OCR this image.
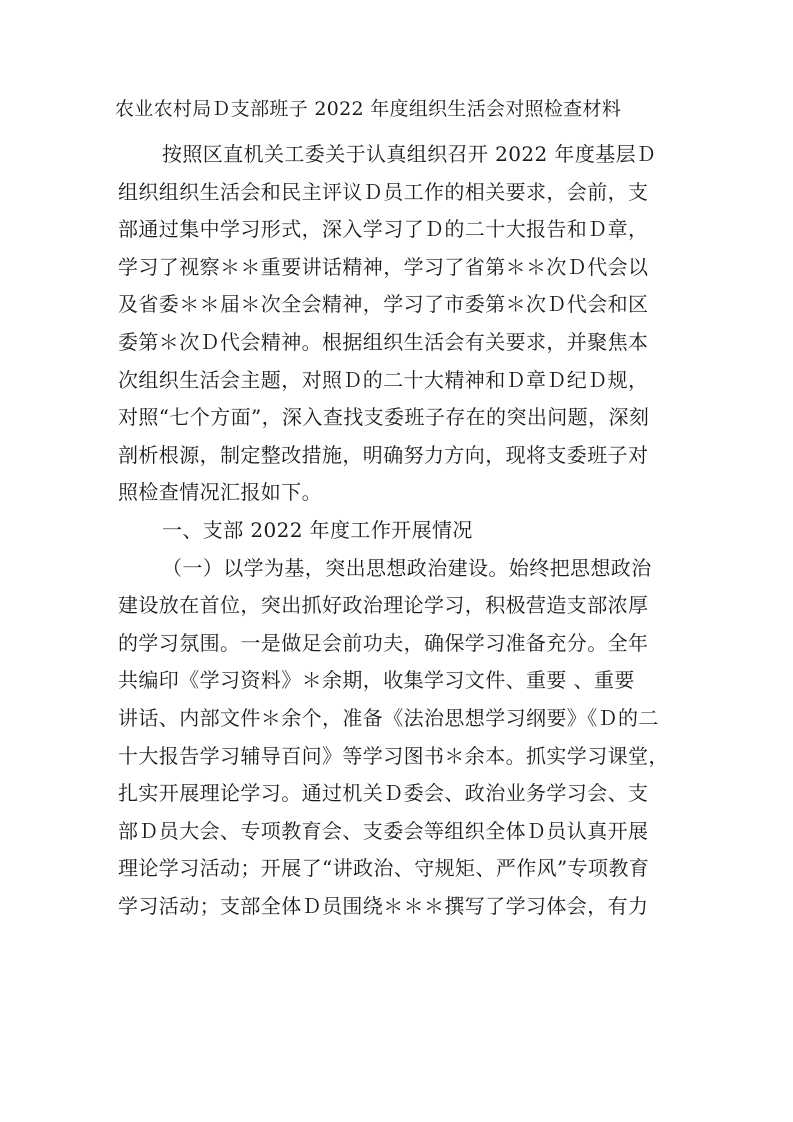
农业农村局Ｄ支部班子 2022 年度组织生活会对照检查材料
按照区直机关工委关于认真组织召开 2022 年度基层Ｄ
组织组织生活会和民主评议Ｄ员工作的相关要求，会前，支
部通过集中学习形式，深入学习了Ｄ的二十大报告和Ｄ章，
学习了视察＊＊重要讲话精神，学习了省第＊＊次Ｄ代会以
及省委＊＊届＊次全会精神，学习了市委第＊次Ｄ代会和区
委第＊次Ｄ代会精神。根据组织生活会有关要求，并聚焦本
次组织生活会主题，对照Ｄ的二十大精神和Ｄ章Ｄ纪Ｄ规，
对照“七个方面”，深入查找支委班子存在的突出问题，深刻
剖析根源，制定整改措施，明确努力方向，现将支委班子对
照检查情况汇报如下。
一、支部 2022 年度工作开展情况
（一）以学为基，突出思想政治建设。始终把思想政治
建设放在首位，突出抓好政治理论学习，积极营造支部浓厚
的学习氛围。一是做足会前功夫，确保学习准备充分。全年
共编印《学习资料》＊余期，收集学习文件、重要 、重要
讲话、内部文件＊余个，准备《法治思想学习纲要》《Ｄ的二
十大报告学习辅导百问》等学习图书＊余本。抓实学习课堂，
扎实开展理论学习。通过机关Ｄ委会、政治业务学习会、支
部Ｄ员大会、专项教育会、支委会等组织全体Ｄ员认真开展
理论学习活动；开展了“讲政治、守规矩、严作风”专项教育
学习活动；支部全体Ｄ员围绕＊＊＊撰写了学习体会，有力
